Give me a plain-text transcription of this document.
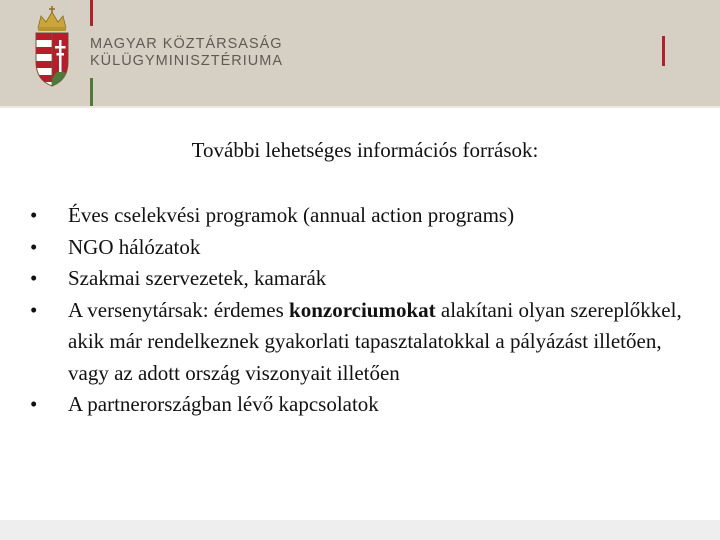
MAGYAR KÖZTÁRSASÁG
KÜLÜGYMINISZTÉRIUMA
További lehetséges információs források:
•	Éves cselekvési programok (annual action programs)
•	NGO hálózatok
•	Szakmai szervezetek, kamarák
•	A versenytársak: érdemes konzorciumokat alakítani olyan szereplőkkel, akik már rendelkeznek gyakorlati tapasztalatokkal a pályázást illetően, vagy az adott ország viszonyait illetően
•	A partnerországban lévő kapcsolatok
